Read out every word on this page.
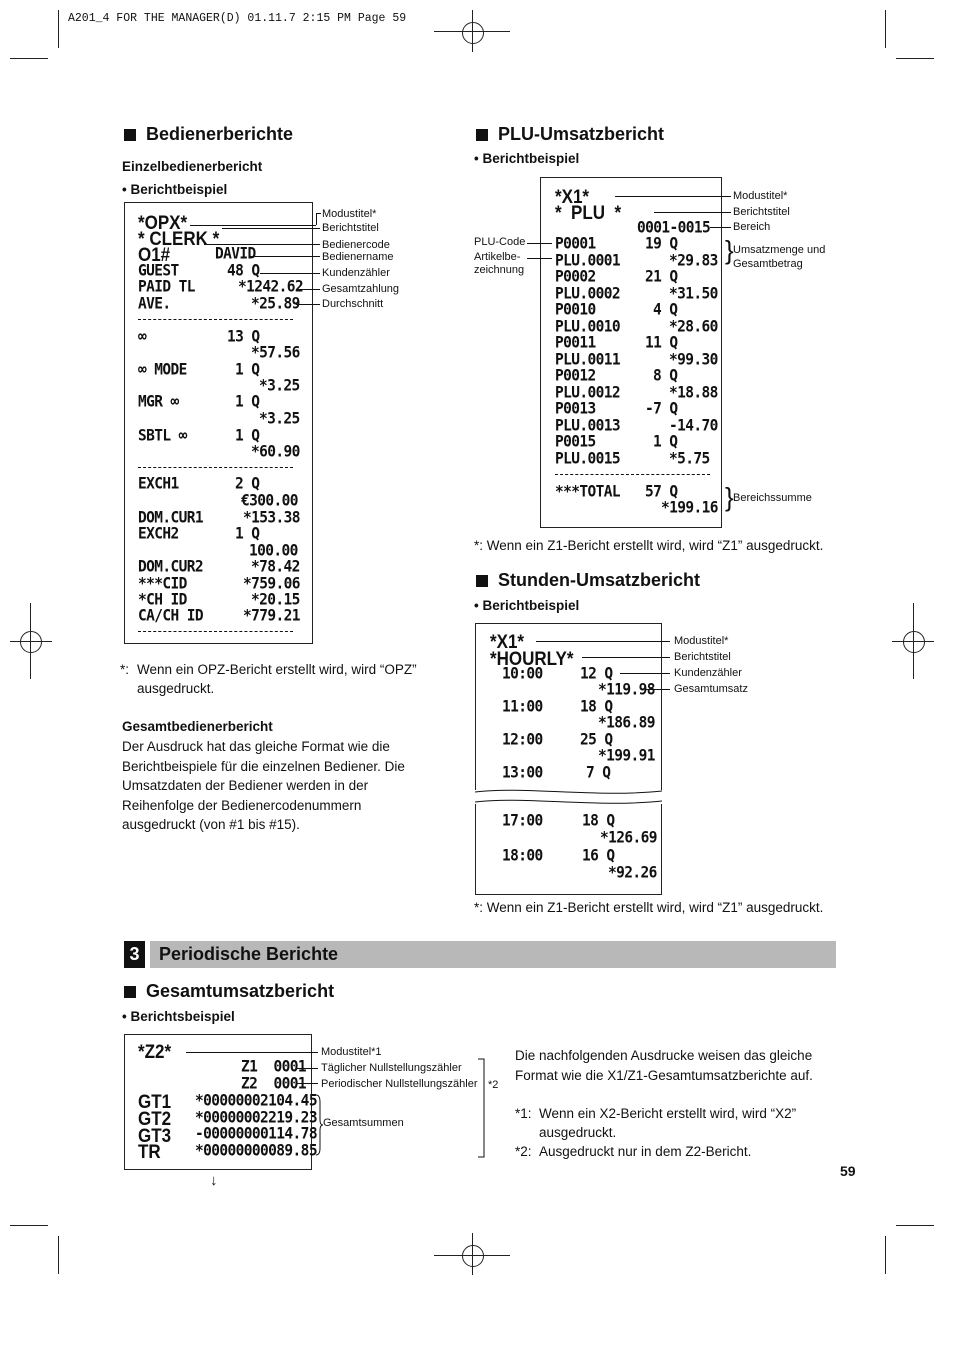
A201_4 FOR THE MANAGER(D) 01.11.7 2:15 PM Page 59
Bedienerberichte
Einzelbedienerbericht
• Berichtbeispiel
*OPX*
* CLERK *
O1#	DAVID
GUEST	48 Q
PAID TL	*1242.62
AVE.	*25.89
∞	13 Q
*57.56
∞ MODE	1 Q
*3.25
MGR ∞	1 Q
*3.25
SBTL ∞	1 Q
*60.90
EXCH1	2 Q
€300.00
DOM.CUR1	*153.38
EXCH2	1 Q
100.00
DOM.CUR2	*78.42
***CID	*759.06
*CH ID	*20.15
CA/CH ID	*779.21
Modustitel*
Berichtstitel
Bedienercode
Bedienername
Kundenzähler
Gesamtzahlung
Durchschnitt
*: Wenn ein OPZ-Bericht erstellt wird, wird “OPZ”
ausgedruckt.
Gesamtbedienerbericht
Der Ausdruck hat das gleiche Format wie die
Berichtbeispiele für die einzelnen Bediener. Die
Umsatzdaten der Bediener werden in der
Reihenfolge der Bedienercodenummern
ausgedruckt (von #1 bis #15).
PLU-Umsatzbericht
• Berichtbeispiel
*X1*
*  PLU  *
0001-0015
P0001	19 Q
PLU.0001	*29.83
P0002	21 Q
PLU.0002	*31.50
P0010	4 Q
PLU.0010	*28.60
P0011	11 Q
PLU.0011	*99.30
P0012	8 Q
PLU.0012	*18.88
P0013	-7 Q
PLU.0013	-14.70
P0015	1 Q
PLU.0015	*5.75
***TOTAL 57 Q
*199.16
Modustitel*
Berichtstitel
Bereich
} Umsatzmenge und
Gesamtbetrag
} Bereichssumme
PLU-Code
Artikelbe-
zeichnung
*: Wenn ein Z1-Bericht erstellt wird, wird “Z1” ausgedruckt.
Stunden-Umsatzbericht
• Berichtbeispiel
*X1*
*HOURLY*
10:00	12 Q
*119.98
11:00	18 Q
*186.89
12:00	25 Q
*199.91
13:00	7 Q
17:00	18 Q
*126.69
18:00	16 Q
*92.26
Modustitel*
Berichtstitel
Kundenzähler
Gesamtumsatz
*: Wenn ein Z1-Bericht erstellt wird, wird “Z1” ausgedruckt.
3	Periodische Berichte
Gesamtumsatzbericht
• Berichtsbeispiel
*Z2*
Z1  0001
Z2  0001
GT1 *00000002104.45
GT2 *00000002219.23
GT3 -00000000114.78
TR *00000000089.85
↓
Modustitel*1
Täglicher Nullstellungszähler
Periodischer Nullstellungszähler
Gesamtsummen
*2
Die nachfolgenden Ausdrucke weisen das gleiche
Format wie die X1/Z1-Gesamtumsatzberichte auf.
*1: Wenn ein X2-Bericht erstellt wird, wird “X2”
ausgedruckt.
*2: Ausgedruckt nur in dem Z2-Bericht.
59
